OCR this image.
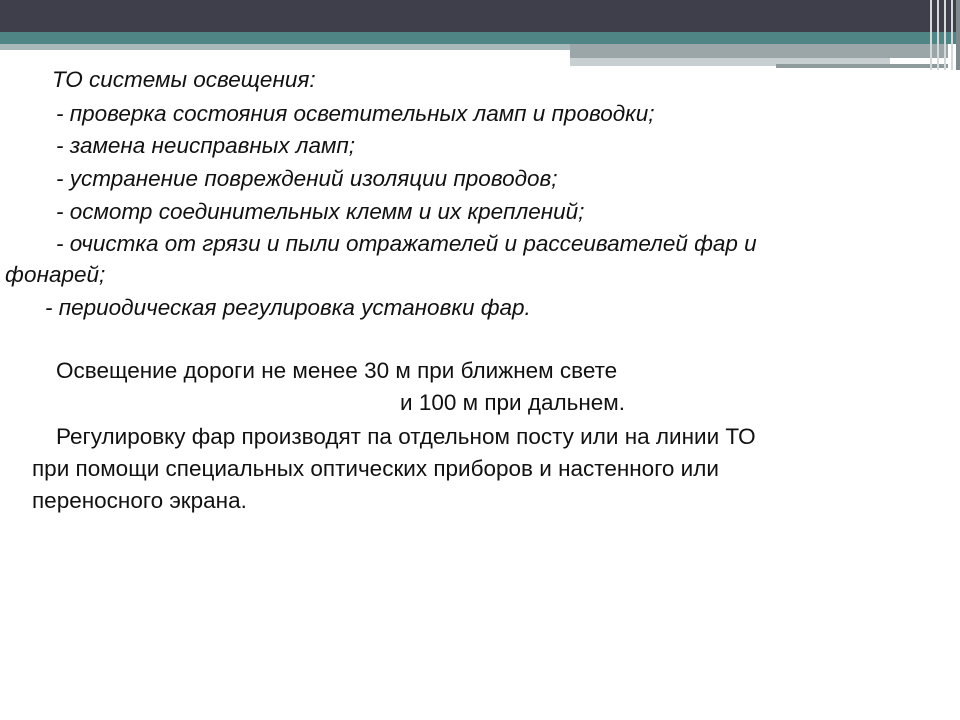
ТО системы освещения:

- проверка состояния осветительных ламп и проводки;

- замена неисправных ламп;

- устранение повреждений изоляции проводов;

- осмотр соединительных клемм и их креплений;

- очистка от грязи и пыли отражателей и рассеивателей фар и

фонарей;

- периодическая регулировка установки фар.

Освещение дороги не менее 30 м при ближнем свете

и 100 м при дальнем.

Регулировку фар производят па отдельном посту или на линии ТО

при помощи специальных оптических приборов и настенного или

переносного экрана.
